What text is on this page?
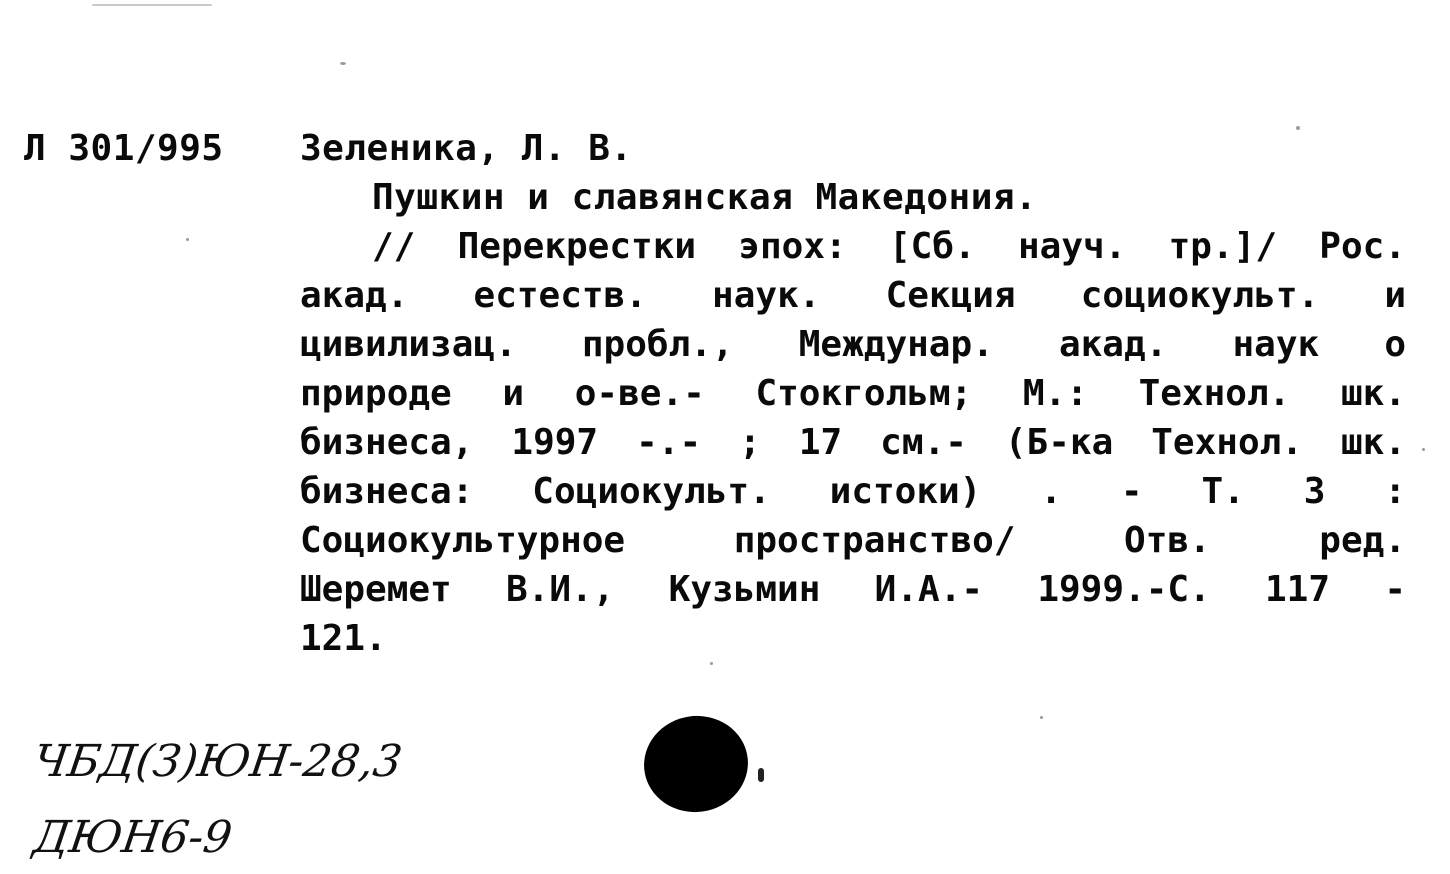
Л 301/995 Зеленика, Л. В.
Пушкин и славянская Македония.
// Перекрестки эпох: [Сб. науч. тр.]/ Рос.
акад. естеств. наук. Секция социокульт. и
цивилизац. пробл., Междунар. акад. наук о
природе и о-ве.- Стокгольм; М.: Технол. шк.
бизнеса, 1997 -.- ; 17 см.- (Б-ка Технол. шк.
бизнеса: Социокульт. истоки) . - Т. 3 :
Социокультурное пространство/ Отв. ред.
Шеремет В.И., Кузьмин И.А.- 1999.-С. 117 -
121.
ЧБД(З)ЮН-28,3
ДЮН6-9
